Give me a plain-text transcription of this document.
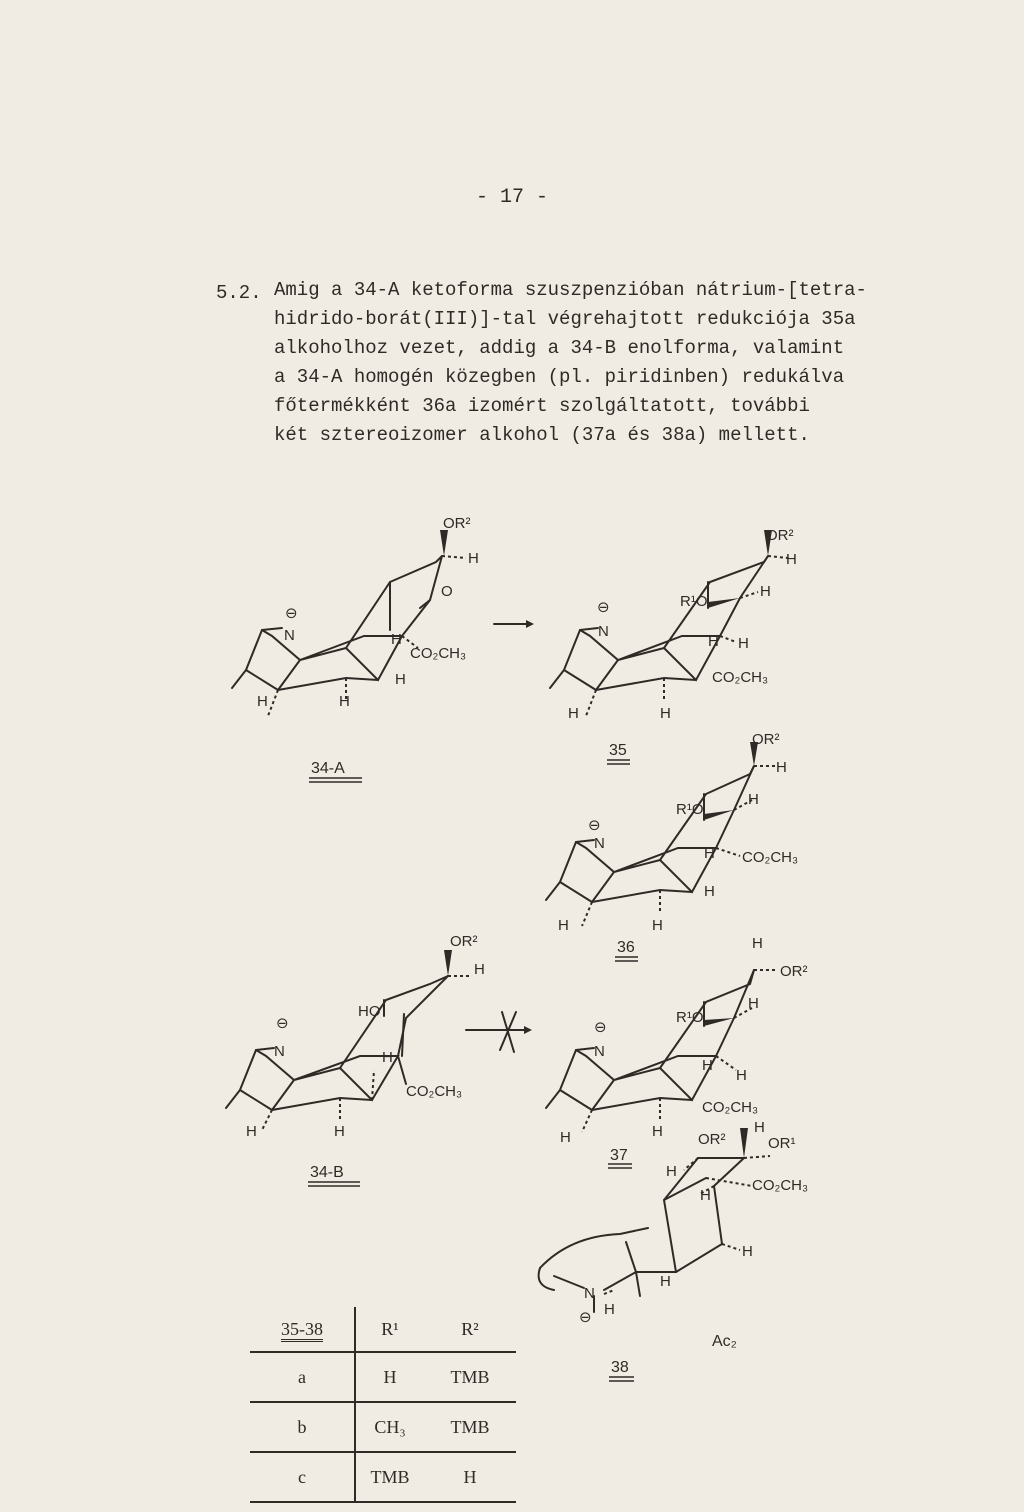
- 17 -
5.2. Amig a 34-A ketoforma szuszpenzióban nátrium-[tetra-
hidrido-borát(III)]-tal végrehajtott redukciója 35a
alkoholhoz vezet, addig a 34-B enolforma, valamint
a 34-A homogén közegben (pl. piridinben) redukálva
főtermékként 36a izomért szolgáltatott, további
két sztereoizomer alkohol (37a és 38a) mellett.
OR²
H
O
CO₂CH₃
N
⊖
H
H
H	H
34-A
OR²
H
R¹O
H
H
CO₂CH₃
N
⊖
H
H	H
35
OR²
H
R¹O
H
CO₂CH₃
N
⊖
H
H
H	H
36
OR²
H
HO
CO₂CH₃
N
⊖
H
H	H
34-B
H
OR²
R¹O
H
H
CO₂CH₃
N
⊖
H
H	H
37
H
OR¹
OR²
H
H
CO₂CH₃
H
H
N
⊖ H
Ac₂
38
35-38	R¹	R²
a	H	TMB
b	CH₃	TMB
c	TMB	H
